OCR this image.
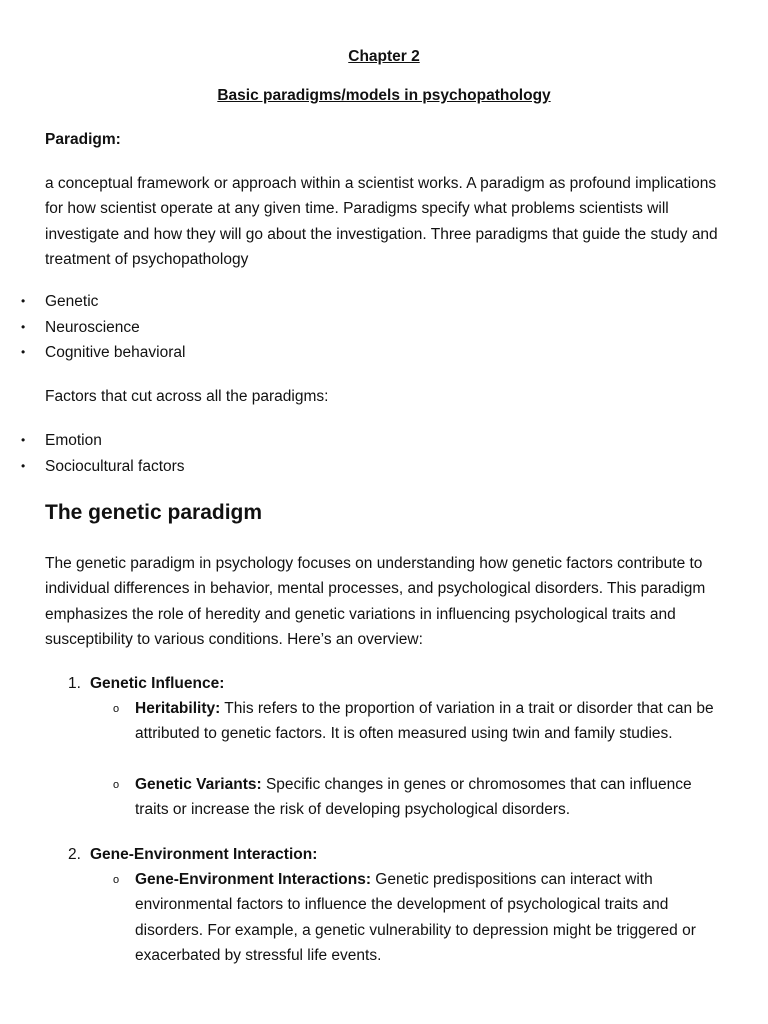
Chapter 2
Basic paradigms/models in psychopathology
Paradigm:
a conceptual framework or approach within a scientist works. A paradigm as profound implications for how scientist operate at any given time. Paradigms specify what problems scientists will investigate and how they will go about the investigation. Three paradigms that guide the study and treatment of psychopathology
• Genetic
• Neuroscience
• Cognitive behavioral
Factors that cut across all the paradigms:
• Emotion
• Sociocultural factors
The genetic paradigm
The genetic paradigm in psychology focuses on understanding how genetic factors contribute to individual differences in behavior, mental processes, and psychological disorders. This paradigm emphasizes the role of heredity and genetic variations in influencing psychological traits and susceptibility to various conditions. Here’s an overview:
1. Genetic Influence:
o Heritability: This refers to the proportion of variation in a trait or disorder that can be attributed to genetic factors. It is often measured using twin and family studies.
o Genetic Variants: Specific changes in genes or chromosomes that can influence traits or increase the risk of developing psychological disorders.
2. Gene-Environment Interaction:
o Gene-Environment Interactions: Genetic predispositions can interact with environmental factors to influence the development of psychological traits and disorders. For example, a genetic vulnerability to depression might be triggered or exacerbated by stressful life events.
